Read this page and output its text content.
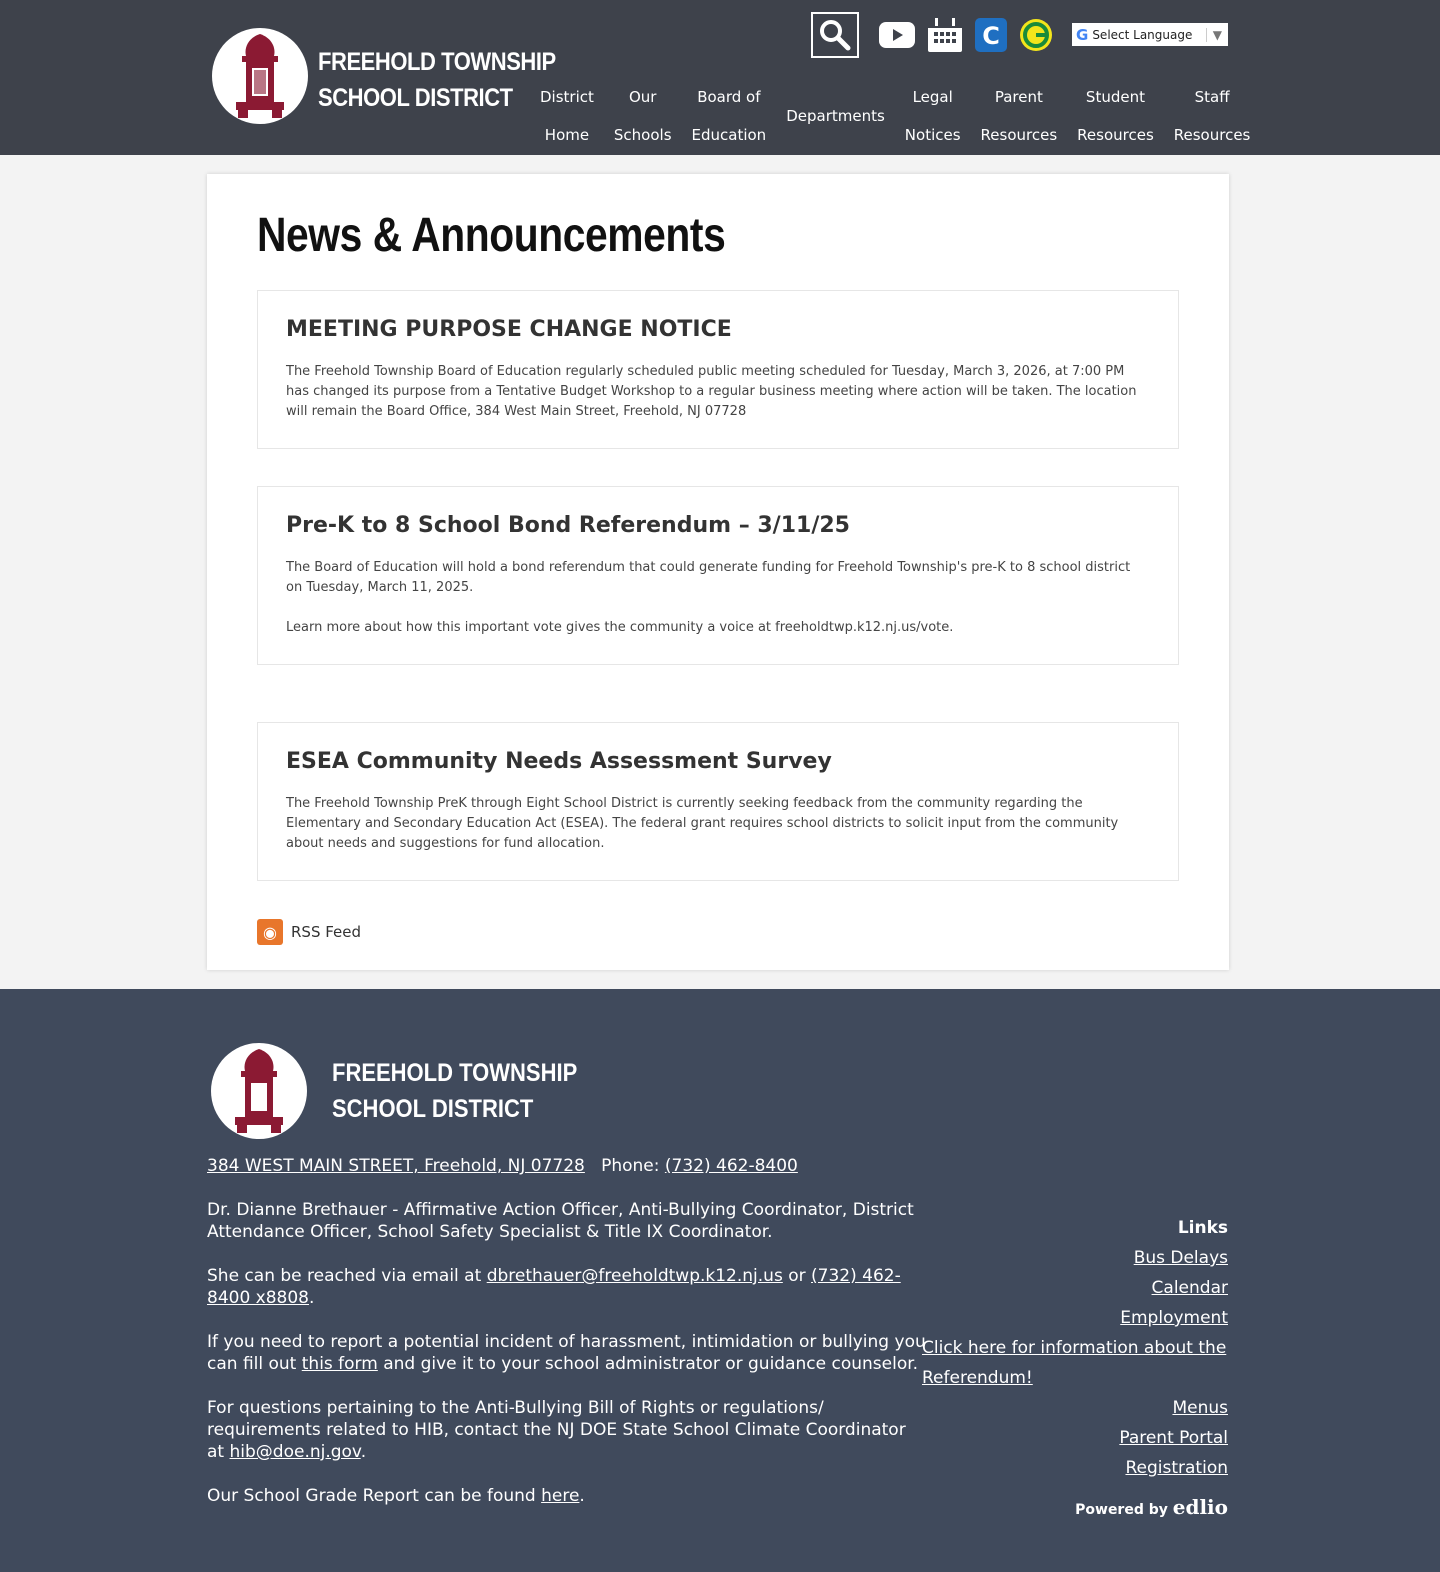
FREEHOLD TOWNSHIP
SCHOOL DISTRICT
C	G Select Language	▼
District

Home
Our

Schools
Board of

Education
Departments
Legal

Notices
Parent

Resources
Student

Resources
Staff

Resources
News & Announcements
MEETING PURPOSE CHANGE NOTICE

The Freehold Township Board of Education regularly scheduled public meeting scheduled for Tuesday, March 3, 2026, at 7:00 PM has changed its purpose from a Tentative Budget Workshop to a regular business meeting where action will be taken. The location will remain the Board Office, 384 West Main Street, Freehold, NJ 07728

Pre-K to 8 School Bond Referendum – 3/11/25

The Board of Education will hold a bond referendum that could generate funding for Freehold Township's pre-K to 8 school district on Tuesday, March 11, 2025.

Learn more about how this important vote gives the community a voice at freeholdtwp.k12.nj.us/vote.

ESEA Community Needs Assessment Survey

The Freehold Township PreK through Eight School District is currently seeking feedback from the community regarding the Elementary and Secondary Education Act (ESEA). The federal grant requires school districts to solicit input from the community about needs and suggestions for fund allocation.

◉ RSS Feed
FREEHOLD TOWNSHIP
SCHOOL DISTRICT

384 WEST MAIN STREET, Freehold, NJ 07728 Phone: (732) 462-8400

Dr. Dianne Brethauer - Affirmative Action Officer, Anti-Bullying Coordinator, District Attendance Officer, School Safety Specialist & Title IX Coordinator.

She can be reached via email at dbrethauer@freeholdtwp.k12.nj.us or (732) 462-8400 x8808.

If you need to report a potential incident of harassment, intimidation or bullying you can fill out this form and give it to your school administrator or guidance counselor.

For questions pertaining to the Anti-Bullying Bill of Rights or regulations/ requirements related to HIB, contact the NJ DOE State School Climate Coordinator at hib@doe.nj.gov.

Our School Grade Report can be found here.

Links
Bus Delays
Calendar
Employment
Click here for information about the Referendum!
Menus
Parent Portal
Registration
Powered by edlio
